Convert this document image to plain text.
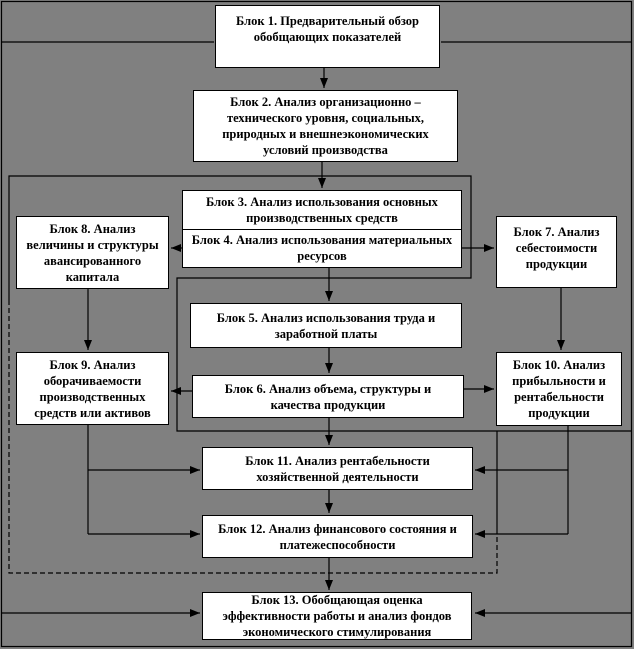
Блок 1. Предварительный обзор обобщающих показателей
Блок 2. Анализ организационно – технического уровня, социальных, природных и внешнеэкономических условий производства
Блок 3. Анализ использования основных производственных средств
Блок 4. Анализ использования материальных ресурсов
Блок 8. Анализ величины и структуры авансированного капитала
Блок 7. Анализ себестоимости продукции
Блок 5. Анализ использования труда и заработной платы
Блок 9. Анализ оборачиваемости производственных средств или активов
Блок 6. Анализ объема, структуры и качества продукции
Блок 10. Анализ прибыльности и рентабельности продукции
Блок 11. Анализ рентабельности хозяйственной деятельности
Блок 12. Анализ финансового состояния и платежеспособности
Блок 13. Обобщающая оценка эффективности работы и анализ фондов экономического стимулирования
